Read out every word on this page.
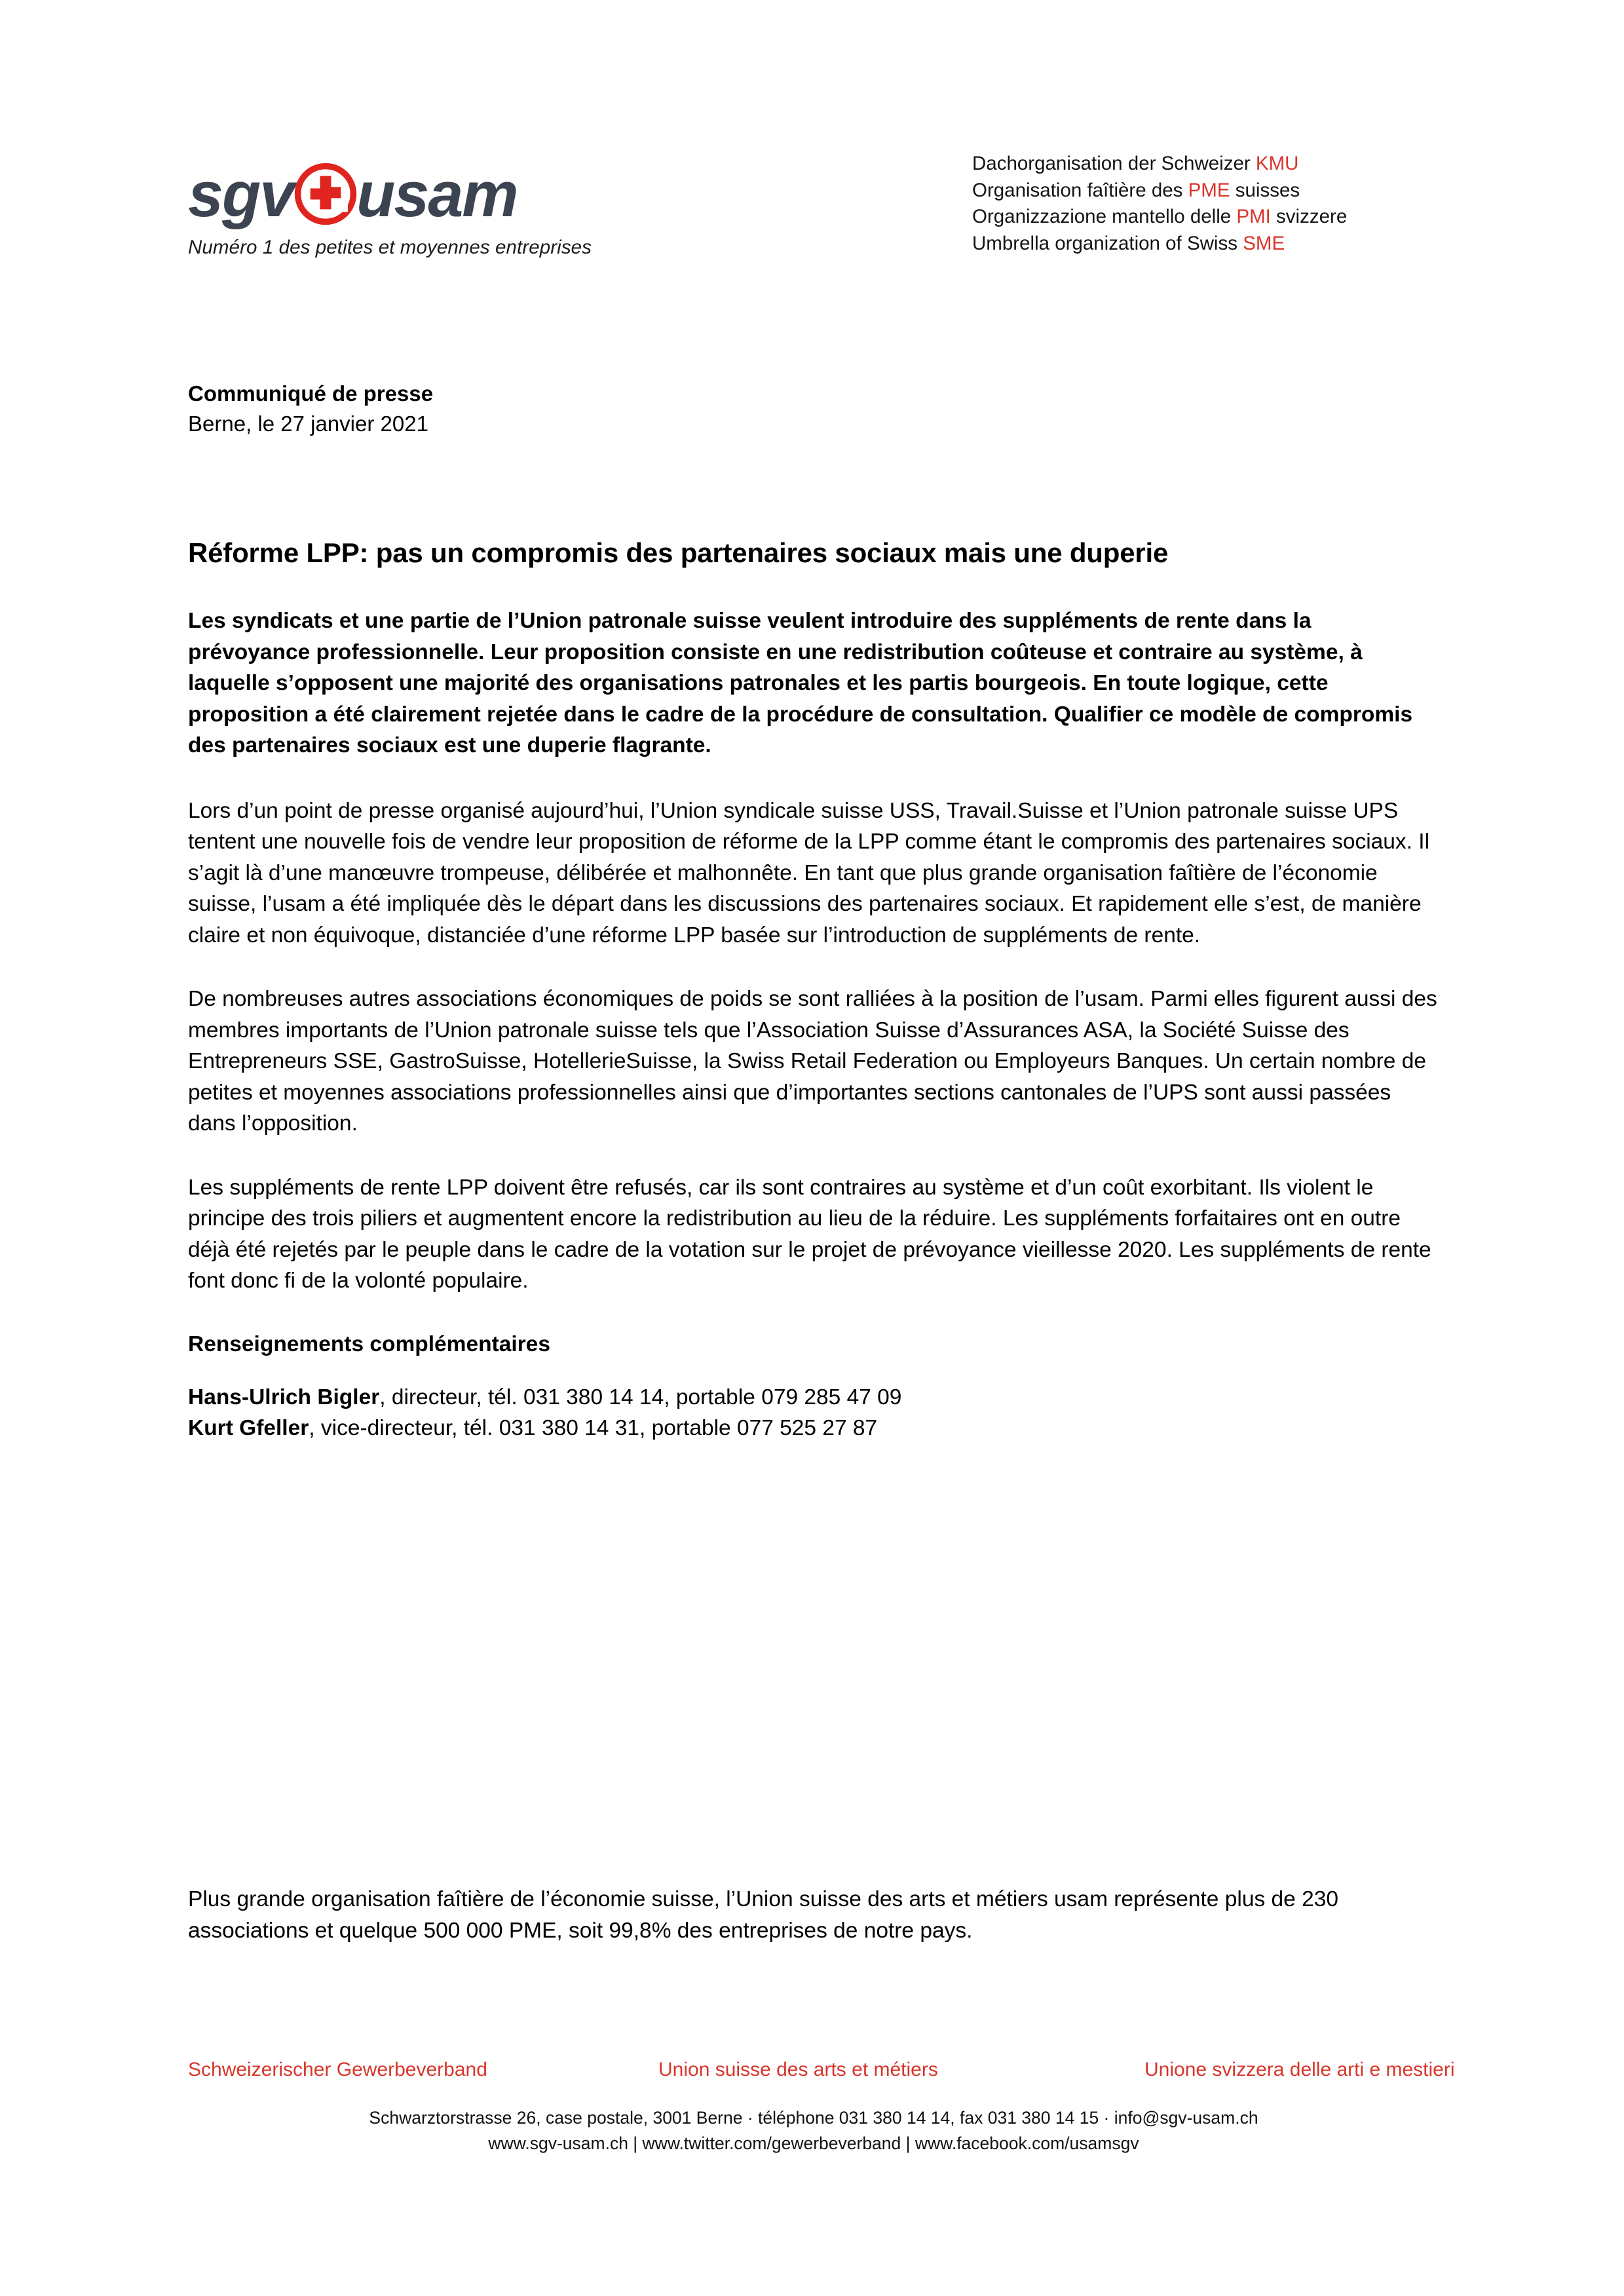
sgv usam
Numéro 1 des petites et moyennes entreprises
Dachorganisation der Schweizer KMU
Organisation faîtière des PME suisses
Organizzazione mantello delle PMI svizzere
Umbrella organization of Swiss SME
Communiqué de presse
Berne, le 27 janvier 2021
Réforme LPP: pas un compromis des partenaires sociaux mais une duperie

Les syndicats et une partie de l’Union patronale suisse veulent introduire des suppléments de rente dans la prévoyance professionnelle. Leur proposition consiste en une redistribution coûteuse et contraire au système, à laquelle s’opposent une majorité des organisations patronales et les partis bourgeois. En toute logique, cette proposition a été clairement rejetée dans le cadre de la procédure de consultation. Qualifier ce modèle de compromis des partenaires sociaux est une duperie flagrante.

Lors d’un point de presse organisé aujourd’hui, l’Union syndicale suisse USS, Travail.Suisse et l’Union patronale suisse UPS tentent une nouvelle fois de vendre leur proposition de réforme de la LPP comme étant le compromis des partenaires sociaux. Il s’agit là d’une manœuvre trompeuse, délibérée et malhonnête. En tant que plus grande organisation faîtière de l’économie suisse, l’usam a été impliquée dès le départ dans les discussions des partenaires sociaux. Et rapidement elle s’est, de manière claire et non équivoque, distanciée d’une réforme LPP basée sur l’introduction de suppléments de rente.

De nombreuses autres associations économiques de poids se sont ralliées à la position de l’usam. Parmi elles figurent aussi des membres importants de l’Union patronale suisse tels que l’Association Suisse d’Assurances ASA, la Société Suisse des Entrepreneurs SSE, GastroSuisse, HotellerieSuisse, la Swiss Retail Federation ou Employeurs Banques. Un certain nombre de petites et moyennes associations professionnelles ainsi que d’importantes sections cantonales de l’UPS sont aussi passées dans l’opposition.

Les suppléments de rente LPP doivent être refusés, car ils sont contraires au système et d’un coût exorbitant. Ils violent le principe des trois piliers et augmentent encore la redistribution au lieu de la réduire. Les suppléments forfaitaires ont en outre déjà été rejetés par le peuple dans le cadre de la votation sur le projet de prévoyance vieillesse 2020. Les suppléments de rente font donc fi de la volonté populaire.

Renseignements complémentaires
Hans-Ulrich Bigler, directeur, tél. 031 380 14 14, portable 079 285 47 09
Kurt Gfeller, vice-directeur, tél. 031 380 14 31, portable 077 525 27 87
Plus grande organisation faîtière de l’économie suisse, l’Union suisse des arts et métiers usam représente plus de 230 associations et quelque 500 000 PME, soit 99,8% des entreprises de notre pays.
Schweizerischer Gewerbeverband	Union suisse des arts et métiers	Unione svizzera delle arti e mestieri
Schwarztorstrasse 26, case postale, 3001 Berne · téléphone 031 380 14 14, fax 031 380 14 15 · info@sgv-usam.ch
www.sgv-usam.ch | www.twitter.com/gewerbeverband | www.facebook.com/usamsgv
